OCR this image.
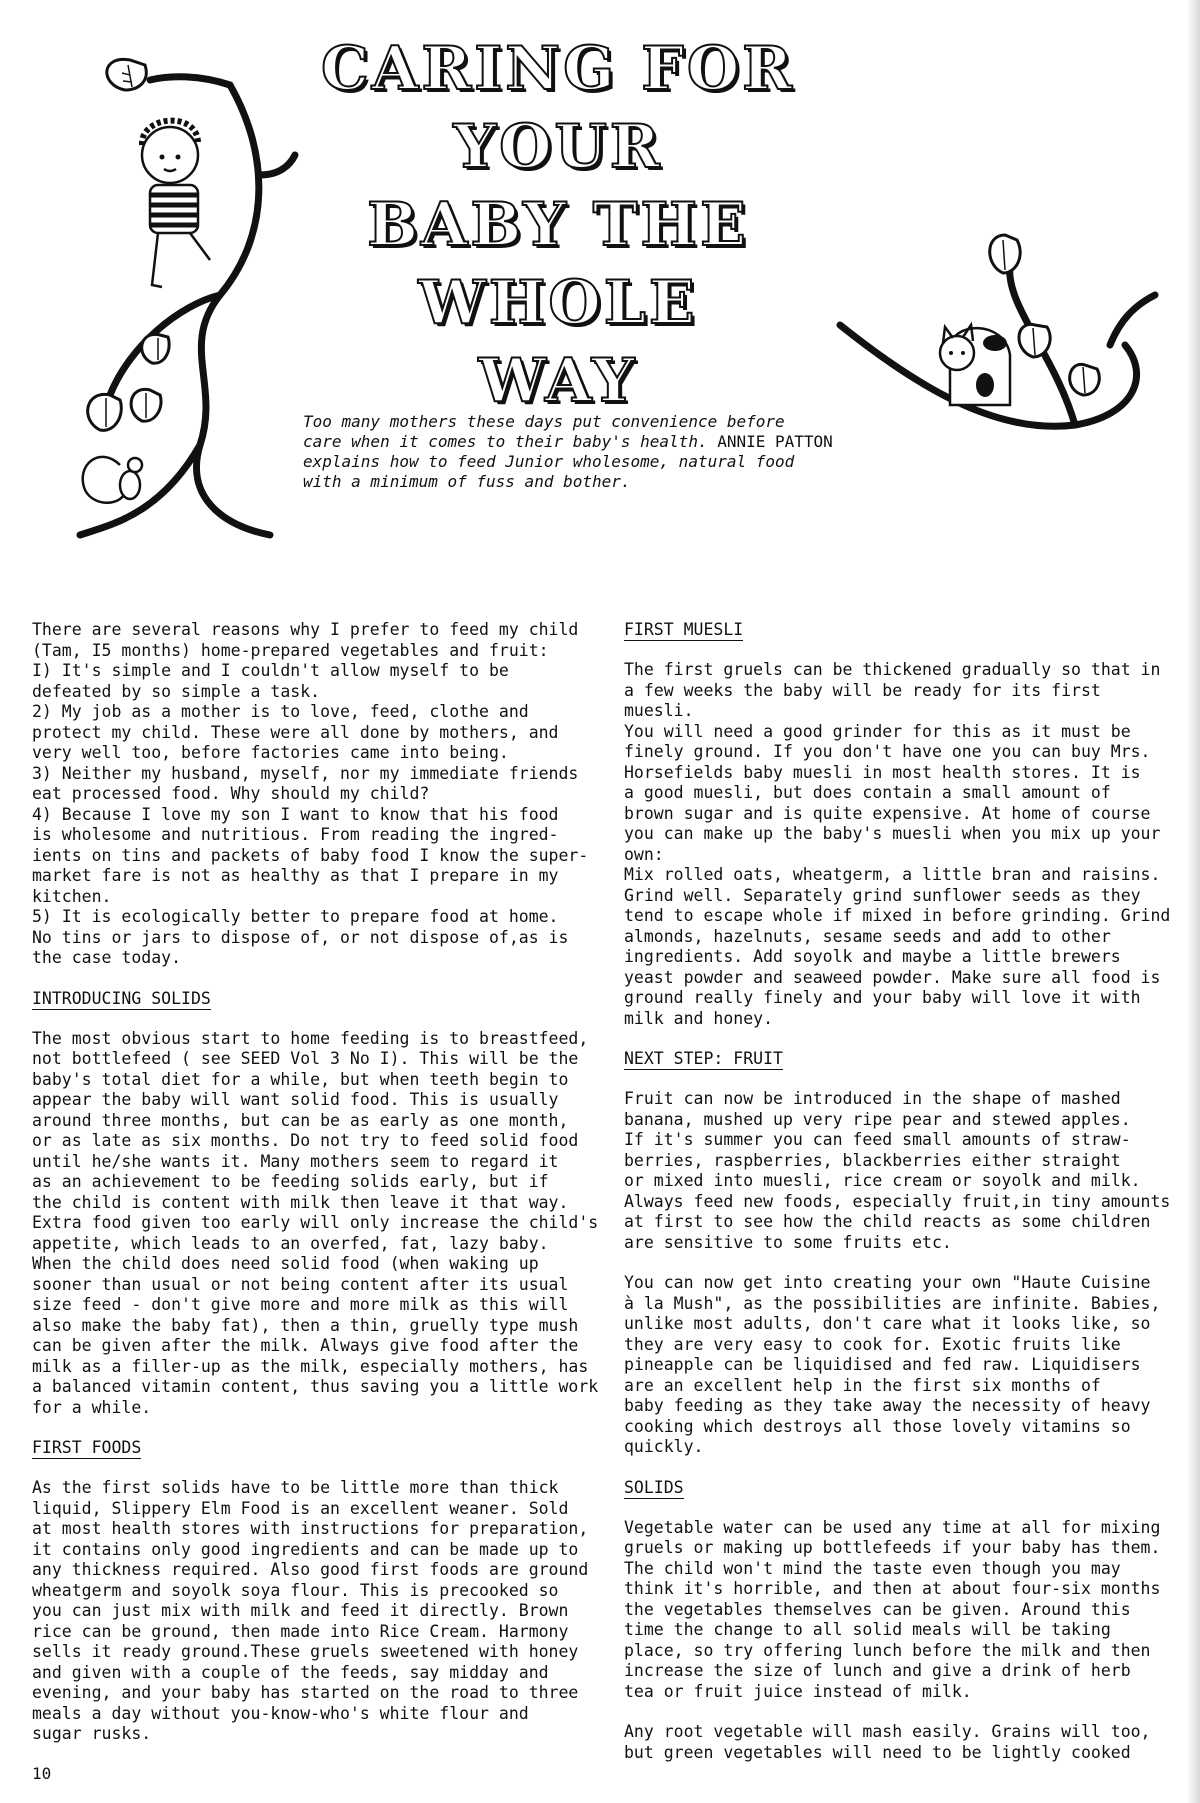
CARING FOR YOUR
BABY THE WHOLE
WAY

Too many mothers these days put convenience before
care when it comes to their baby's health. ANNIE PATTON
explains how to feed Junior wholesome, natural food
with a minimum of fuss and bother.

There are several reasons why I prefer to feed my child
(Tam, I5 months) home-prepared vegetables and fruit:
I) It's simple and I couldn't allow myself to be
defeated by so simple a task.
2) My job as a mother is to love, feed, clothe and
protect my child. These were all done by mothers, and
very well too, before factories came into being.
3) Neither my husband, myself, nor my immediate friends
eat processed food. Why should my child?
4) Because I love my son I want to know that his food
is wholesome and nutritious. From reading the ingred-
ients on tins and packets of baby food I know the super-
market fare is not as healthy as that I prepare in my
kitchen.
5) It is ecologically better to prepare food at home.
No tins or jars to dispose of, or not dispose of,as is
the case today.

INTRODUCING SOLIDS

The most obvious start to home feeding is to breastfeed,
not bottlefeed ( see SEED Vol 3 No I). This will be the
baby's total diet for a while, but when teeth begin to
appear the baby will want solid food. This is usually
around three months, but can be as early as one month,
or as late as six months. Do not try to feed solid food
until he/she wants it. Many mothers seem to regard it
as an achievement to be feeding solids early, but if
the child is content with milk then leave it that way.
Extra food given too early will only increase the child's
appetite, which leads to an overfed, fat, lazy baby.
When the child does need solid food (when waking up
sooner than usual or not being content after its usual
size feed - don't give more and more milk as this will
also make the baby fat), then a thin, gruelly type mush
can be given after the milk. Always give food after the
milk as a filler-up as the milk, especially mothers, has
a balanced vitamin content, thus saving you a little work
for a while.

FIRST FOODS

As the first solids have to be little more than thick
liquid, Slippery Elm Food is an excellent weaner. Sold
at most health stores with instructions for preparation,
it contains only good ingredients and can be made up to
any thickness required. Also good first foods are ground
wheatgerm and soyolk soya flour. This is precooked so
you can just mix with milk and feed it directly. Brown
rice can be ground, then made into Rice Cream. Harmony
sells it ready ground.These gruels sweetened with honey
and given with a couple of the feeds, say midday and
evening, and your baby has started on the road to three
meals a day without you-know-who's white flour and
sugar rusks.

FIRST MUESLI

The first gruels can be thickened gradually so that in
a few weeks the baby will be ready for its first muesli.
You will need a good grinder for this as it must be
finely ground. If you don't have one you can buy Mrs.
Horsefields baby muesli in most health stores. It is
a good muesli, but does contain a small amount of
brown sugar and is quite expensive. At home of course
you can make up the baby's muesli when you mix up your
own:
Mix rolled oats, wheatgerm, a little bran and raisins.
Grind well. Separately grind sunflower seeds as they
tend to escape whole if mixed in before grinding. Grind
almonds, hazelnuts, sesame seeds and add to other
ingredients. Add soyolk and maybe a little brewers
yeast powder and seaweed powder. Make sure all food is
ground really finely and your baby will love it with
milk and honey.

NEXT STEP: FRUIT

Fruit can now be introduced in the shape of mashed
banana, mushed up very ripe pear and stewed apples.
If it's summer you can feed small amounts of straw-
berries, raspberries, blackberries either straight
or mixed into muesli, rice cream or soyolk and milk.
Always feed new foods, especially fruit,in tiny amounts
at first to see how the child reacts as some children
are sensitive to some fruits etc.

You can now get into creating your own "Haute Cuisine
à la Mush", as the possibilities are infinite. Babies,
unlike most adults, don't care what it looks like, so
they are very easy to cook for. Exotic fruits like
pineapple can be liquidised and fed raw. Liquidisers
are an excellent help in the first six months of
baby feeding as they take away the necessity of heavy
cooking which destroys all those lovely vitamins so
quickly.

SOLIDS

Vegetable water can be used any time at all for mixing
gruels or making up bottlefeeds if your baby has them.
The child won't mind the taste even though you may
think it's horrible, and then at about four-six months
the vegetables themselves can be given. Around this
time the change to all solid meals will be taking
place, so try offering lunch before the milk and then
increase the size of lunch and give a drink of herb
tea or fruit juice instead of milk.

Any root vegetable will mash easily. Grains will too,
but green vegetables will need to be lightly cooked

10
